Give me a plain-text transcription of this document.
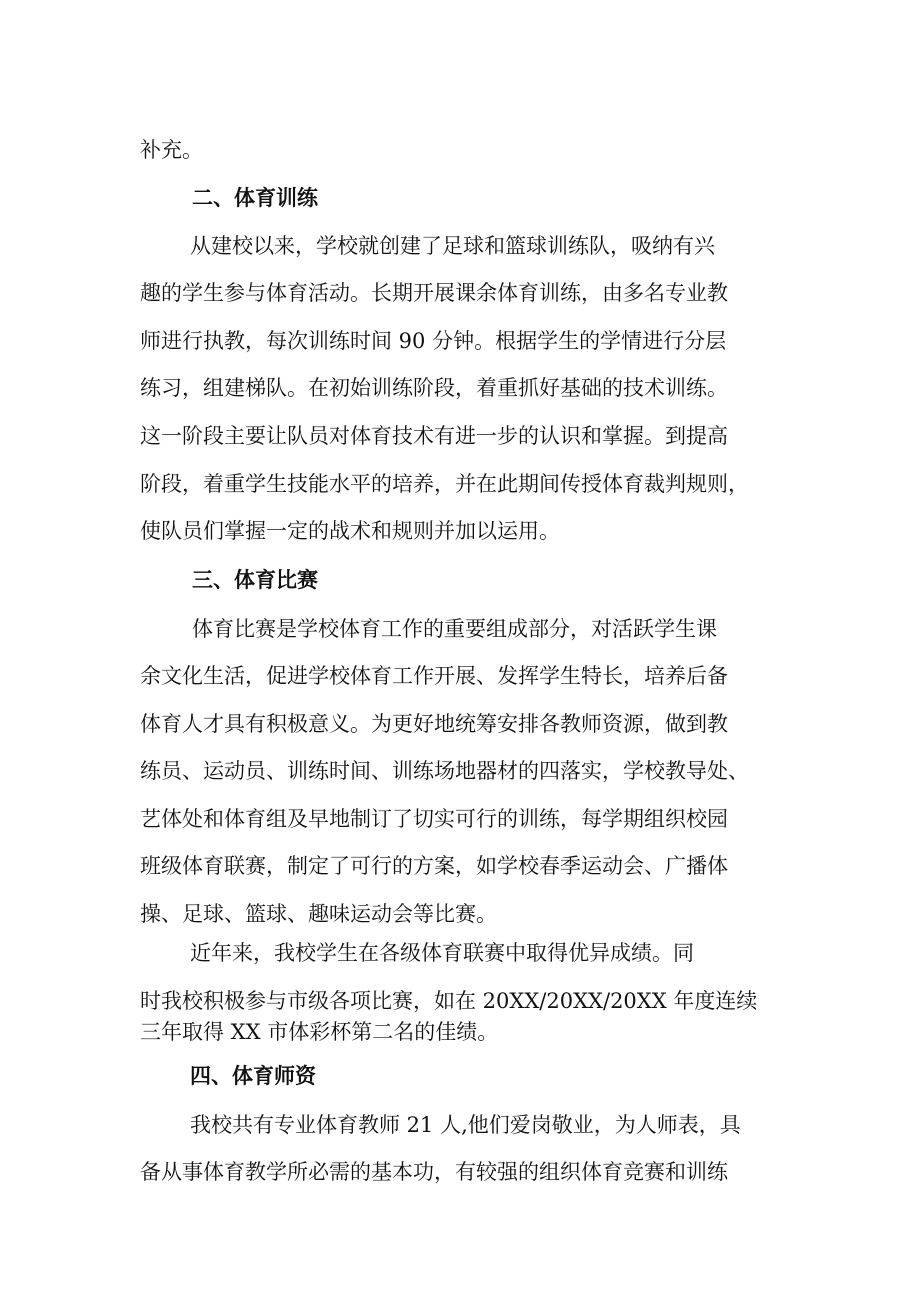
补充。
二、体育训练
从建校以来，学校就创建了足球和篮球训练队，吸纳有兴
趣的学生参与体育活动。长期开展课余体育训练，由多名专业教
师进行执教，每次训练时间 90 分钟。根据学生的学情进行分层
练习，组建梯队。在初始训练阶段，着重抓好基础的技术训练。
这一阶段主要让队员对体育技术有进一步的认识和掌握。到提高
阶段，着重学生技能水平的培养，并在此期间传授体育裁判规则，
使队员们掌握一定的战术和规则并加以运用。
三、体育比赛
体育比赛是学校体育工作的重要组成部分，对活跃学生课
余文化生活，促进学校体育工作开展、发挥学生特长，培养后备
体育人才具有积极意义。为更好地统筹安排各教师资源，做到教
练员、运动员、训练时间、训练场地器材的四落实，学校教导处、
艺体处和体育组及早地制订了切实可行的训练，每学期组织校园
班级体育联赛，制定了可行的方案，如学校春季运动会、广播体
操、足球、篮球、趣味运动会等比赛。
近年来，我校学生在各级体育联赛中取得优异成绩。同
时我校积极参与市级各项比赛，如在 20XX/20XX/20XX 年度连续
三年取得 XX 市体彩杯第二名的佳绩。
四、体育师资
我校共有专业体育教师 21 人,他们爱岗敬业，为人师表，具
备从事体育教学所必需的基本功，有较强的组织体育竞赛和训练
